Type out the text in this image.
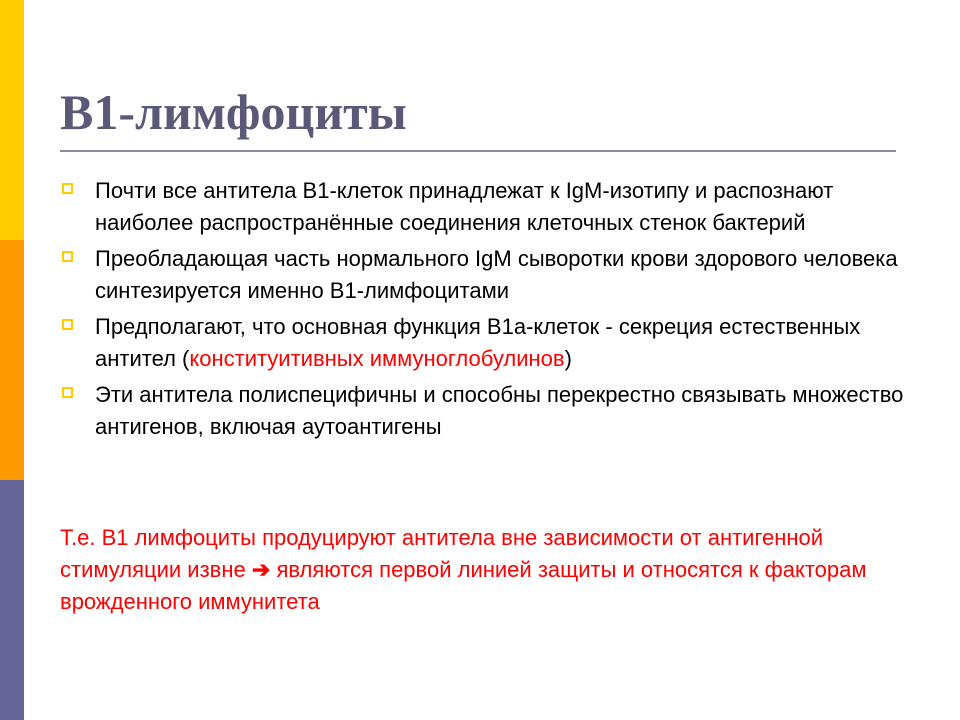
В1-лимфоциты
Почти все антитела В1-клеток принадлежат к IgM-изотипу и распознают наиболее распространённые соединения клеточных стенок бактерий
Преобладающая часть нормального IgM сыворотки крови здорового человека синтезируется именно В1-лимфоцитами
Предполагают, что основная функция В1а-клеток - секреция естественных антител (конституитивных иммуноглобулинов)
Эти антитела полиспецифичны и способны перекрестно связывать множество антигенов, включая аутоантигены

Т.е. В1 лимфоциты продуцируют антитела вне зависимости от антигенной стимуляции извне ➔ являются первой линией защиты и относятся к факторам врожденного иммунитета
